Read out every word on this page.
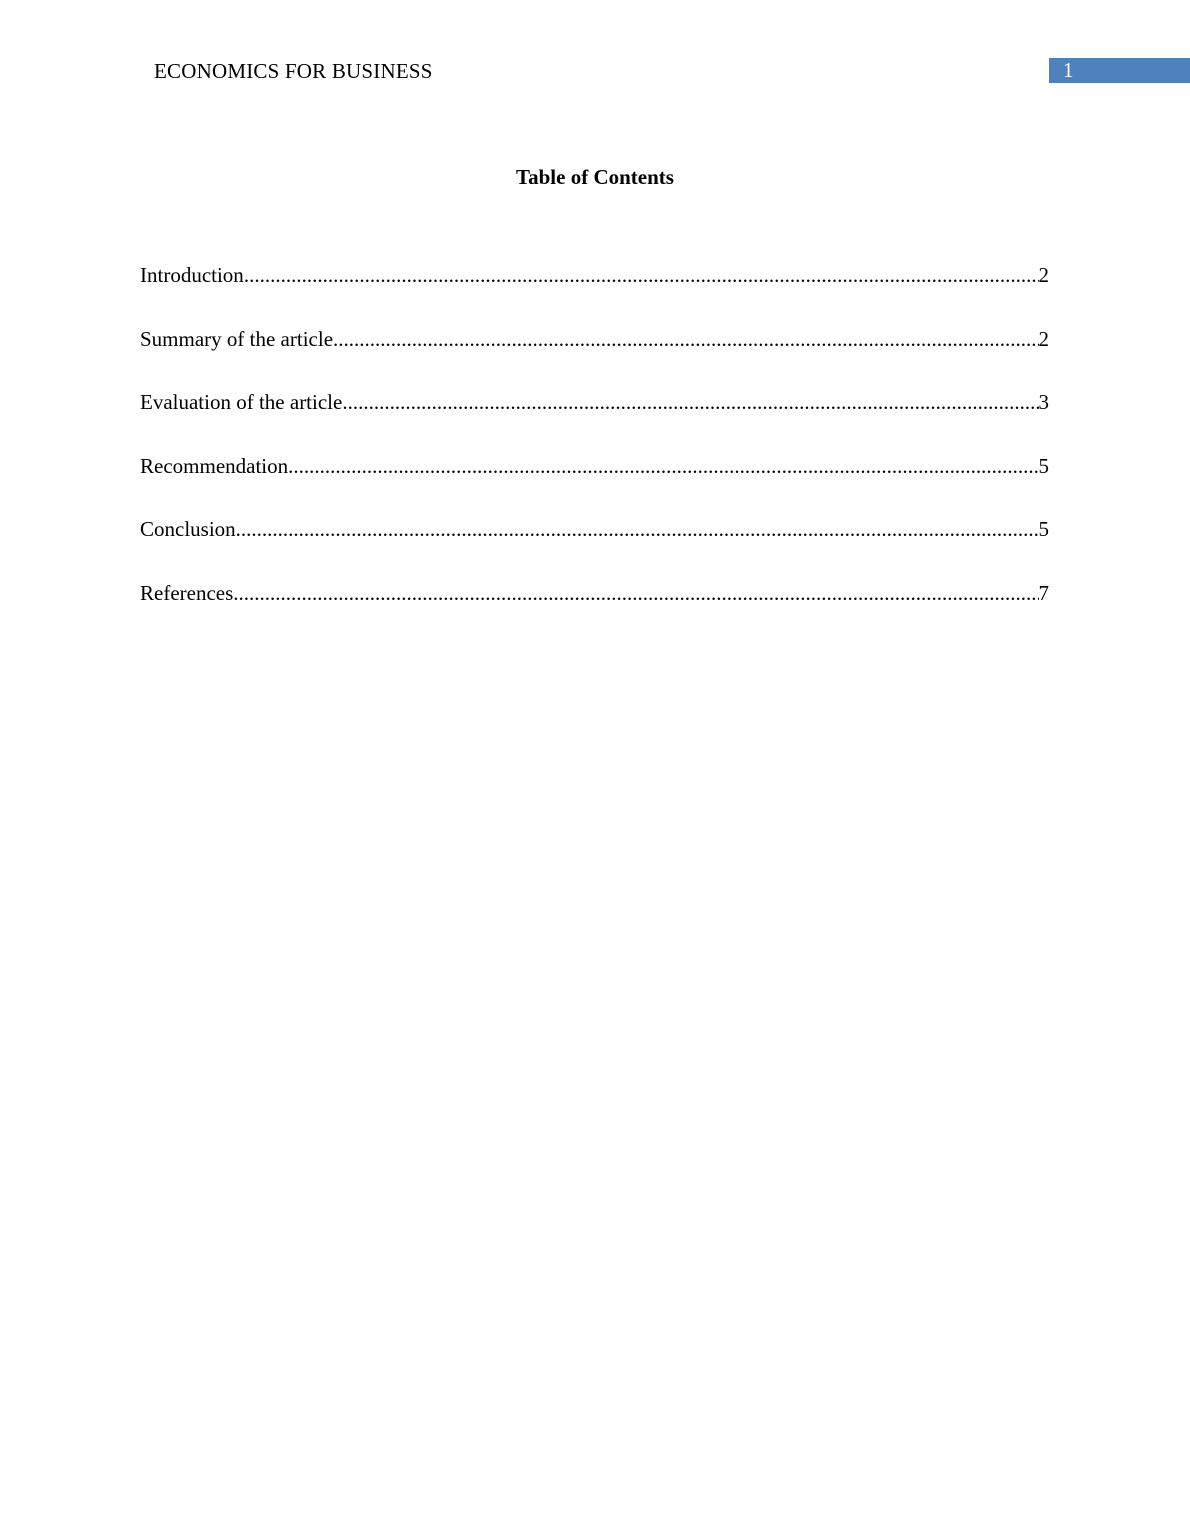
ECONOMICS FOR BUSINESS	1
Table of Contents
Introduction .....	2
Summary of the article .....	2
Evaluation of the article .....	3
Recommendation .....	5
Conclusion .....	5
References .....	7
